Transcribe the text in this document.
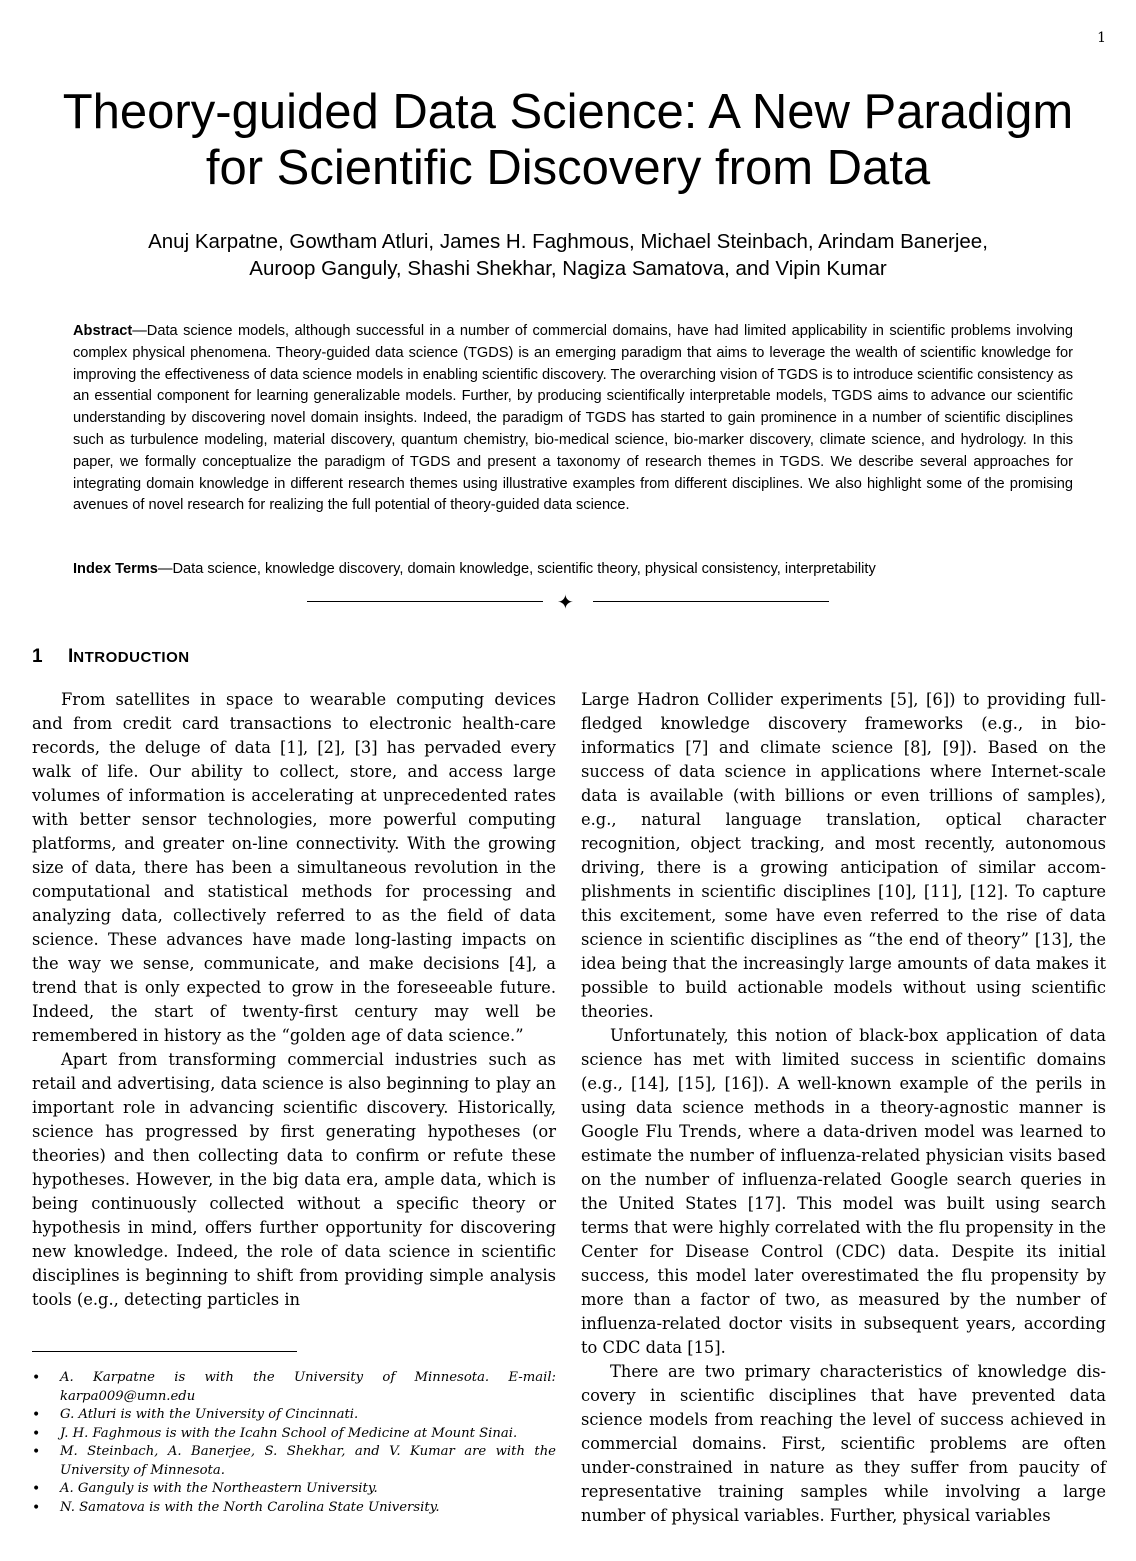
1
Theory-guided Data Science: A New Paradigm
for Scientific Discovery from Data
Anuj Karpatne, Gowtham Atluri, James H. Faghmous, Michael Steinbach, Arindam Banerjee,
Auroop Ganguly, Shashi Shekhar, Nagiza Samatova, and Vipin Kumar
Abstract—Data science models, although successful in a number of commercial domains, have had limited applicability in scientific problems involving complex physical phenomena. Theory-guided data science (TGDS) is an emerging paradigm that aims to leverage the wealth of scientific knowledge for improving the effectiveness of data science models in enabling scientific discovery. The overarching vision of TGDS is to introduce scientific consistency as an essential component for learning generalizable models. Further, by producing scientifically interpretable models, TGDS aims to advance our scientific understanding by discovering novel domain insights. Indeed, the paradigm of TGDS has started to gain prominence in a number of scientific disciplines such as turbulence modeling, material discovery, quantum chemistry, bio-medical science, bio-marker discovery, climate science, and hydrology. In this paper, we formally conceptualize the paradigm of TGDS and present a taxonomy of research themes in TGDS. We describe several approaches for integrating domain knowledge in different research themes using illustrative examples from different disciplines. We also highlight some of the promising avenues of novel research for realizing the full potential of theory-guided data science.
Index Terms—Data science, knowledge discovery, domain knowledge, scientific theory, physical consistency, interpretability
✦
1 INTRODUCTION

From satellites in space to wearable computing devices and from credit card transactions to electronic health-care records, the deluge of data [1], [2], [3] has pervaded every walk of life. Our ability to collect, store, and access large volumes of information is accelerating at unprecedented rates with better sensor technologies, more powerful computing platforms, and greater on-line connectivity. With the growing size of data, there has been a simultaneous revolution in the computational and statistical methods for processing and analyzing data, collectively referred to as the field of data science. These advances have made long-lasting impacts on the way we sense, communicate, and make decisions [4], a trend that is only expected to grow in the foreseeable future. Indeed, the start of twenty-first century may well be remembered in history as the “golden age of data science.”

Apart from transforming commercial industries such as retail and advertising, data science is also beginning to play an important role in advancing scientific discovery. Historically, science has progressed by first generating hypotheses (or theories) and then collecting data to confirm or refute these hypotheses. However, in the big data era, ample data, which is being continuously collected without a specific theory or hypothesis in mind, offers further opportunity for discovering new knowledge. Indeed, the role of data science in scientific disciplines is beginning to shift from providing simple analysis tools (e.g., detecting particles in

Large Hadron Collider experiments [5], [6]) to providing full-fledged knowledge discovery frameworks (e.g., in bioinformatics [7] and climate science [8], [9]). Based on the success of data science in applications where Internet-scale data is available (with billions or even trillions of samples), e.g., natural language translation, optical character recognition, object tracking, and most recently, autonomous driving, there is a growing anticipation of similar accomplishments in scientific disciplines [10], [11], [12]. To capture this excitement, some have even referred to the rise of data science in scientific disciplines as “the end of theory” [13], the idea being that the increasingly large amounts of data makes it possible to build actionable models without using scientific theories.

Unfortunately, this notion of black-box application of data science has met with limited success in scientific domains (e.g., [14], [15], [16]). A well-known example of the perils in using data science methods in a theory-agnostic manner is Google Flu Trends, where a data-driven model was learned to estimate the number of influenza-related physician visits based on the number of influenza-related Google search queries in the United States [17]. This model was built using search terms that were highly correlated with the flu propensity in the Center for Disease Control (CDC) data. Despite its initial success, this model later overestimated the flu propensity by more than a factor of two, as measured by the number of influenza-related doctor visits in subsequent years, according to CDC data [15].

There are two primary characteristics of knowledge discovery in scientific disciplines that have prevented data science models from reaching the level of success achieved in commercial domains. First, scientific problems are often under-constrained in nature as they suffer from paucity of representative training samples while involving a large number of physical variables. Further, physical variables

• A. Karpatne is with the University of Minnesota. E-mail: karpa009@umn.edu
• G. Atluri is with the University of Cincinnati.
• J. H. Faghmous is with the Icahn School of Medicine at Mount Sinai.
• M. Steinbach, A. Banerjee, S. Shekhar, and V. Kumar are with the University of Minnesota.
• A. Ganguly is with the Northeastern University.
• N. Samatova is with the North Carolina State University.
